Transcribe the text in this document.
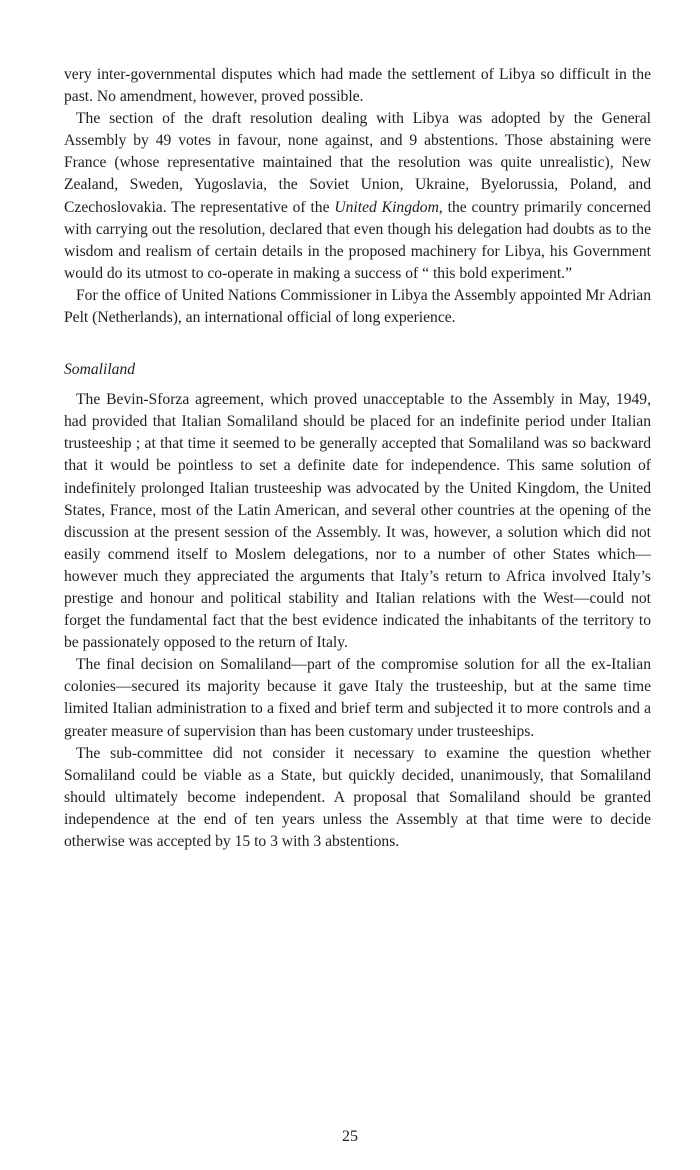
very inter-governmental disputes which had made the settlement of Libya so difficult in the past. No amendment, however, proved possible.

The section of the draft resolution dealing with Libya was adopted by the General Assembly by 49 votes in favour, none against, and 9 abstentions. Those abstaining were France (whose representative maintained that the resolution was quite unrealistic), New Zealand, Sweden, Yugoslavia, the Soviet Union, Ukraine, Byelorussia, Poland, and Czechoslovakia. The representative of the United Kingdom, the country primarily concerned with carrying out the resolution, declared that even though his delegation had doubts as to the wisdom and realism of certain details in the proposed machinery for Libya, his Government would do its utmost to co-operate in making a success of “ this bold experiment.”

For the office of United Nations Commissioner in Libya the Assembly appointed Mr Adrian Pelt (Netherlands), an international official of long experience.

Somaliland

The Bevin-Sforza agreement, which proved unacceptable to the Assembly in May, 1949, had provided that Italian Somaliland should be placed for an indefinite period under Italian trusteeship ; at that time it seemed to be generally accepted that Somaliland was so backward that it would be pointless to set a definite date for independence. This same solution of indefinitely prolonged Italian trusteeship was advocated by the United Kingdom, the United States, France, most of the Latin American, and several other countries at the opening of the discussion at the present session of the Assembly. It was, however, a solution which did not easily commend itself to Moslem delegations, nor to a number of other States which—however much they appreciated the arguments that Italy’s return to Africa involved Italy’s prestige and honour and political stability and Italian relations with the West—could not forget the fundamental fact that the best evidence indicated the inhabitants of the territory to be passionately opposed to the return of Italy.

The final decision on Somaliland—part of the compromise solution for all the ex-Italian colonies—secured its majority because it gave Italy the trusteeship, but at the same time limited Italian administration to a fixed and brief term and subjected it to more controls and a greater measure of supervision than has been customary under trusteeships.

The sub-committee did not consider it necessary to examine the question whether Somaliland could be viable as a State, but quickly decided, unanimously, that Somaliland should ultimately become independent. A proposal that Somaliland should be granted independence at the end of ten years unless the Assembly at that time were to decide otherwise was accepted by 15 to 3 with 3 abstentions.

25
